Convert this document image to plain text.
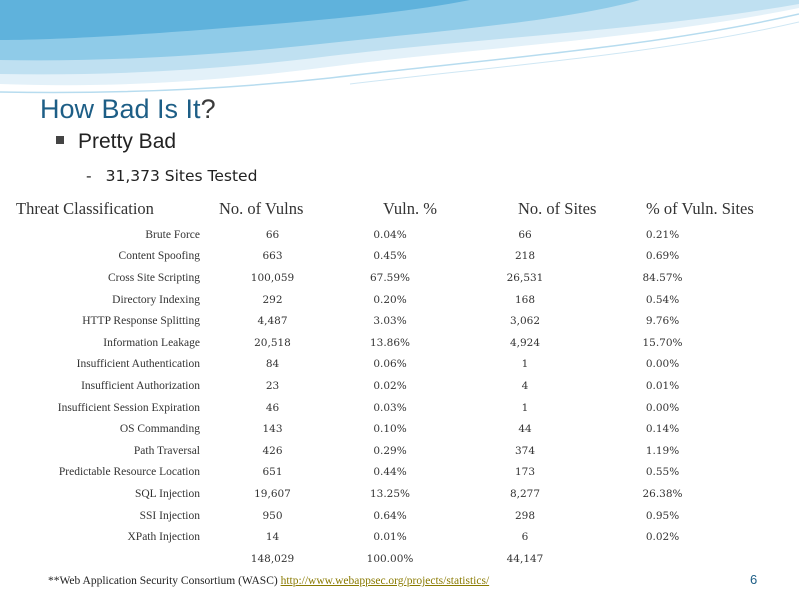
How Bad Is It?
Pretty Bad
- 31,373 Sites Tested
Threat Classification	No. of Vulns	Vuln. %	No. of Sites	% of Vuln. Sites
Brute Force	66	0.04%	66	0.21%
Content Spoofing	663	0.45%	218	0.69%
Cross Site Scripting	100,059	67.59%	26,531	84.57%
Directory Indexing	292	0.20%	168	0.54%
HTTP Response Splitting	4,487	3.03%	3,062	9.76%
Information Leakage	20,518	13.86%	4,924	15.70%
Insufficient Authentication	84	0.06%	1	0.00%
Insufficient Authorization	23	0.02%	4	0.01%
Insufficient Session Expiration	46	0.03%	1	0.00%
OS Commanding	143	0.10%	44	0.14%
Path Traversal	426	0.29%	374	1.19%
Predictable Resource Location	651	0.44%	173	0.55%
SQL Injection	19,607	13.25%	8,277	26.38%
SSI Injection	950	0.64%	298	0.95%
XPath Injection	14	0.01%	6	0.02%
	148,029	100.00%	44,147	
**Web Application Security Consortium (WASC) http://www.webappsec.org/projects/statistics/	6
